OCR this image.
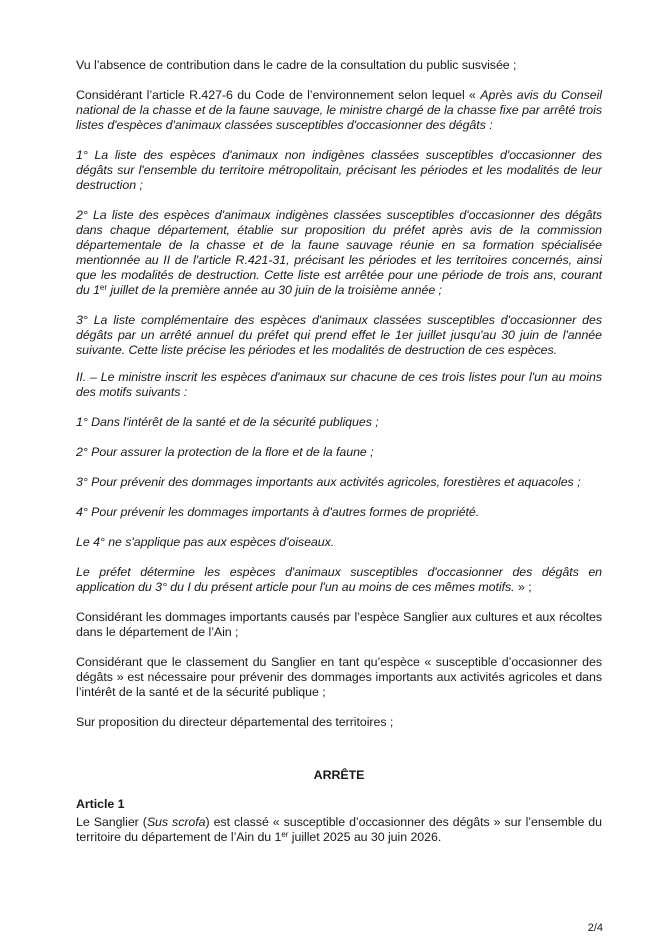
Vu l’absence de contribution dans le cadre de la consultation du public susvisée ;

Considérant l’article R.427-6 du Code de l’environnement selon lequel « Après avis du Conseil national de la chasse et de la faune sauvage, le ministre chargé de la chasse fixe par arrêté trois listes d'espèces d'animaux classées susceptibles d'occasionner des dégâts :

1° La liste des espèces d'animaux non indigènes classées susceptibles d'occasionner des dégâts sur l'ensemble du territoire métropolitain, précisant les périodes et les modalités de leur destruction ;

2° La liste des espèces d'animaux indigènes classées susceptibles d'occasionner des dégâts dans chaque département, établie sur proposition du préfet après avis de la commission départementale de la chasse et de la faune sauvage réunie en sa formation spécialisée mentionnée au II de l'article R.421-31, précisant les périodes et les territoires concernés, ainsi que les modalités de destruction. Cette liste est arrêtée pour une période de trois ans, courant du 1er juillet de la première année au 30 juin de la troisième année ;

3° La liste complémentaire des espèces d'animaux classées susceptibles d'occasionner des dégâts par un arrêté annuel du préfet qui prend effet le 1er juillet jusqu'au 30 juin de l'année suivante. Cette liste précise les périodes et les modalités de destruction de ces espèces.

II. – Le ministre inscrit les espèces d'animaux sur chacune de ces trois listes pour l'un au moins des motifs suivants :

1° Dans l'intérêt de la santé et de la sécurité publiques ;

2° Pour assurer la protection de la flore et de la faune ;

3° Pour prévenir des dommages importants aux activités agricoles, forestières et aquacoles ;

4° Pour prévenir les dommages importants à d'autres formes de propriété.

Le 4° ne s'applique pas aux espèces d'oiseaux.

Le préfet détermine les espèces d'animaux susceptibles d'occasionner des dégâts en application du 3° du I du présent article pour l'un au moins de ces mêmes motifs. » ;

Considérant les dommages importants causés par l’espèce Sanglier aux cultures et aux récoltes dans le département de l’Ain ;

Considérant que le classement du Sanglier en tant qu’espèce « susceptible d’occasionner des dégâts » est nécessaire pour prévenir des dommages importants aux activités agricoles et dans l’intérêt de la santé et de la sécurité publique ;

Sur proposition du directeur départemental des territoires ;

ARRÊTE

Article 1

Le Sanglier (Sus scrofa) est classé « susceptible d’occasionner des dégâts » sur l’ensemble du territoire du département de l’Ain du 1er juillet 2025 au 30 juin 2026.

2/4
